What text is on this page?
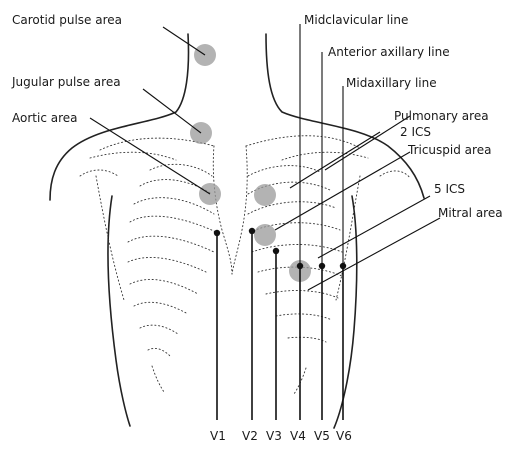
Carotid pulse area
Jugular pulse area
Aortic area
Midclavicular line
Anterior axillary line
Midaxillary line
Pulmonary area
2 ICS
Tricuspid area
5 ICS
Mitral area
V1 V2 V3 V4 V5 V6
